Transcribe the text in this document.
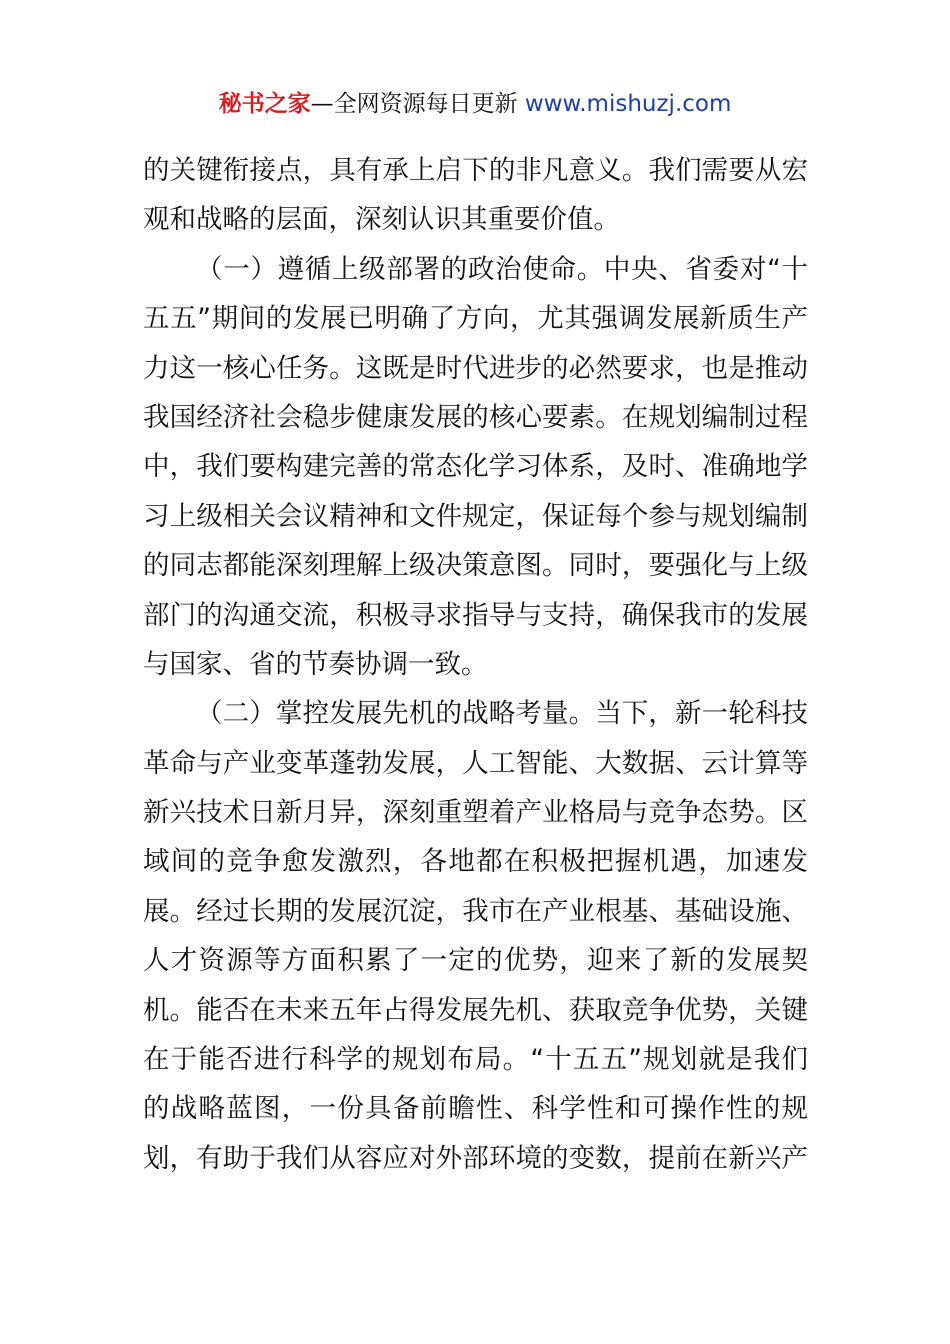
秘书之家—全网资源每日更新 www.mishuzj.com
的关键衔接点，具有承上启下的非凡意义。我们需要从宏
观和战略的层面，深刻认识其重要价值。
（一）遵循上级部署的政治使命。中央、省委对“十
五五”期间的发展已明确了方向，尤其强调发展新质生产
力这一核心任务。这既是时代进步的必然要求，也是推动
我国经济社会稳步健康发展的核心要素。在规划编制过程
中，我们要构建完善的常态化学习体系，及时、准确地学
习上级相关会议精神和文件规定，保证每个参与规划编制
的同志都能深刻理解上级决策意图。同时，要强化与上级
部门的沟通交流，积极寻求指导与支持，确保我市的发展
与国家、省的节奏协调一致。
（二）掌控发展先机的战略考量。当下，新一轮科技
革命与产业变革蓬勃发展，人工智能、大数据、云计算等
新兴技术日新月异，深刻重塑着产业格局与竞争态势。区
域间的竞争愈发激烈，各地都在积极把握机遇，加速发
展。经过长期的发展沉淀，我市在产业根基、基础设施、
人才资源等方面积累了一定的优势，迎来了新的发展契
机。能否在未来五年占得发展先机、获取竞争优势，关键
在于能否进行科学的规划布局。“十五五”规划就是我们
的战略蓝图，一份具备前瞻性、科学性和可操作性的规
划，有助于我们从容应对外部环境的变数，提前在新兴产
